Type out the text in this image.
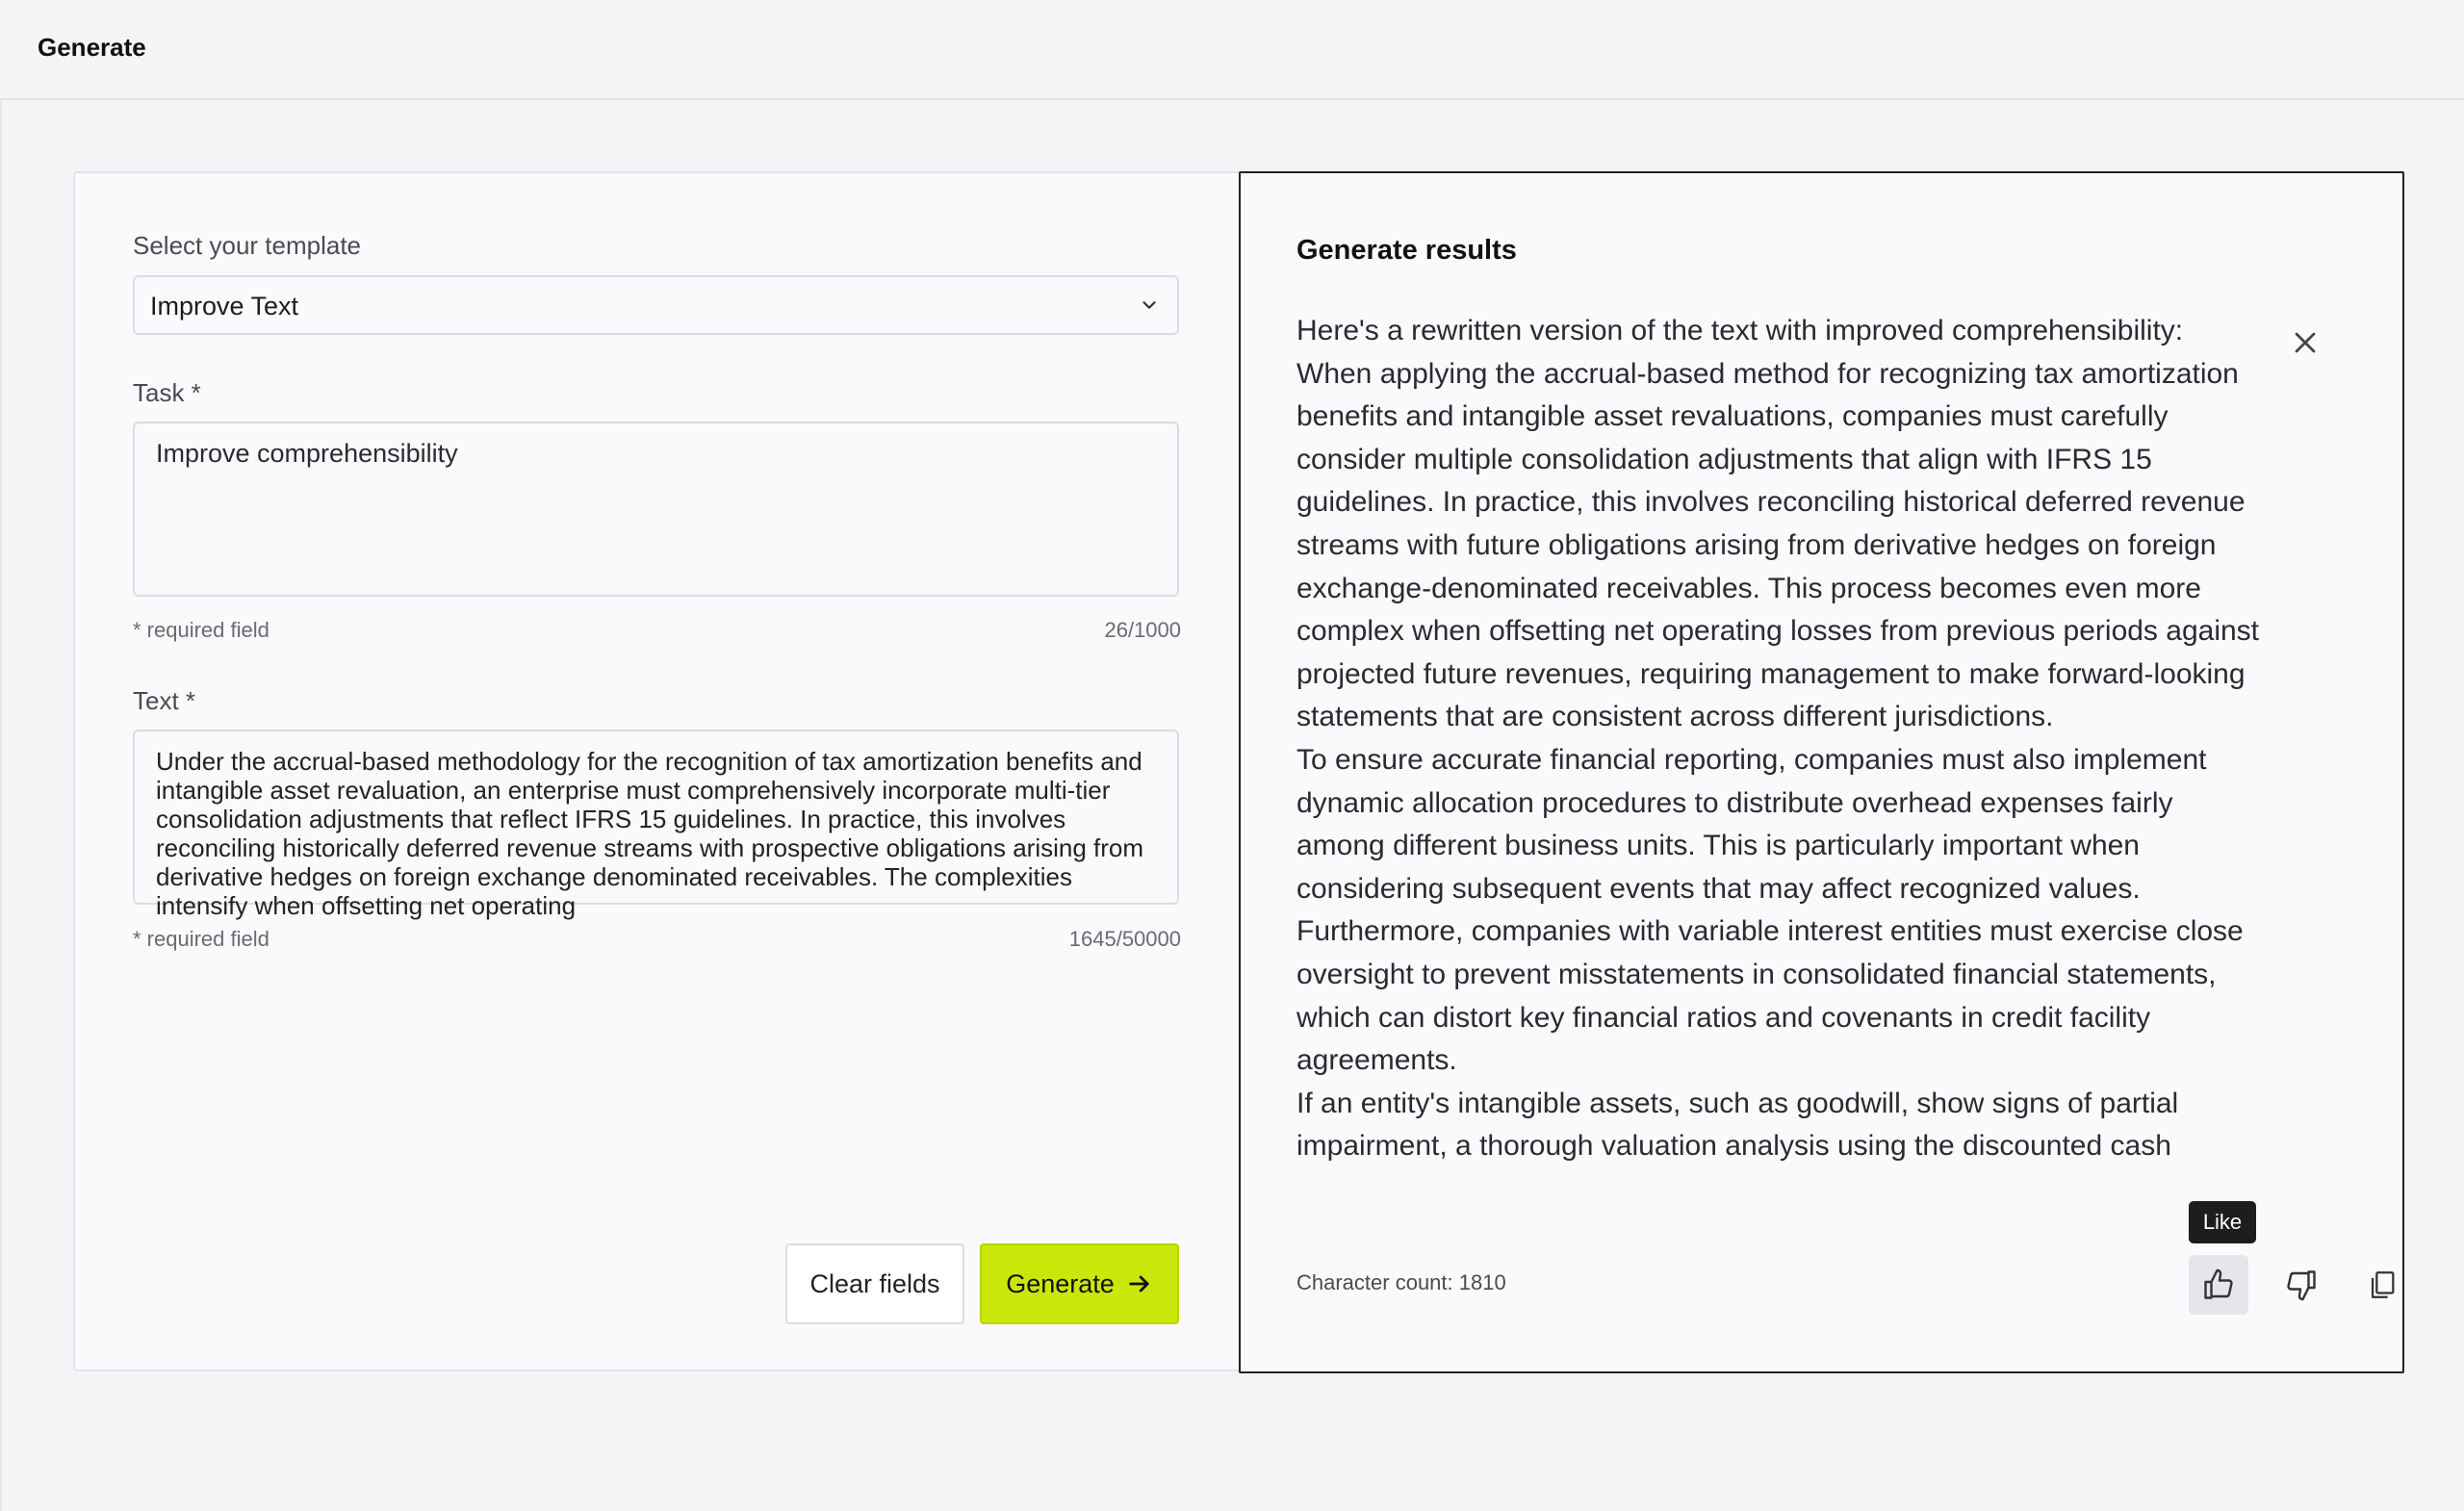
Generate
Select your template
Improve Text
Task *
Improve comprehensibility
* required field	26/1000
Text *
Under the accrual-based methodology for the recognition of tax amortization benefits and intangible asset revaluation, an enterprise must comprehensively incorporate multi-tier consolidation adjustments that reflect IFRS 15 guidelines. In practice, this involves reconciling historically deferred revenue streams with prospective obligations arising from derivative hedges on foreign exchange denominated receivables. The complexities intensify when offsetting net operating
* required field	1645/50000
Clear fields	Generate
Generate results

Here's a rewritten version of the text with improved comprehensibility:

When applying the accrual-based method for recognizing tax amortization benefits and intangible asset revaluations, companies must carefully consider multiple consolidation adjustments that align with IFRS 15 guidelines. In practice, this involves reconciling historical deferred revenue streams with future obligations arising from derivative hedges on foreign exchange-denominated receivables. This process becomes even more complex when offsetting net operating losses from previous periods against projected future revenues, requiring management to make forward-looking statements that are consistent across different jurisdictions.

To ensure accurate financial reporting, companies must also implement dynamic allocation procedures to distribute overhead expenses fairly among different business units. This is particularly important when considering subsequent events that may affect recognized values. Furthermore, companies with variable interest entities must exercise close oversight to prevent misstatements in consolidated financial statements, which can distort key financial ratios and covenants in credit facility agreements.

If an entity's intangible assets, such as goodwill, show signs of partial impairment, a thorough valuation analysis using the discounted cash

Character count: 1810
Like
